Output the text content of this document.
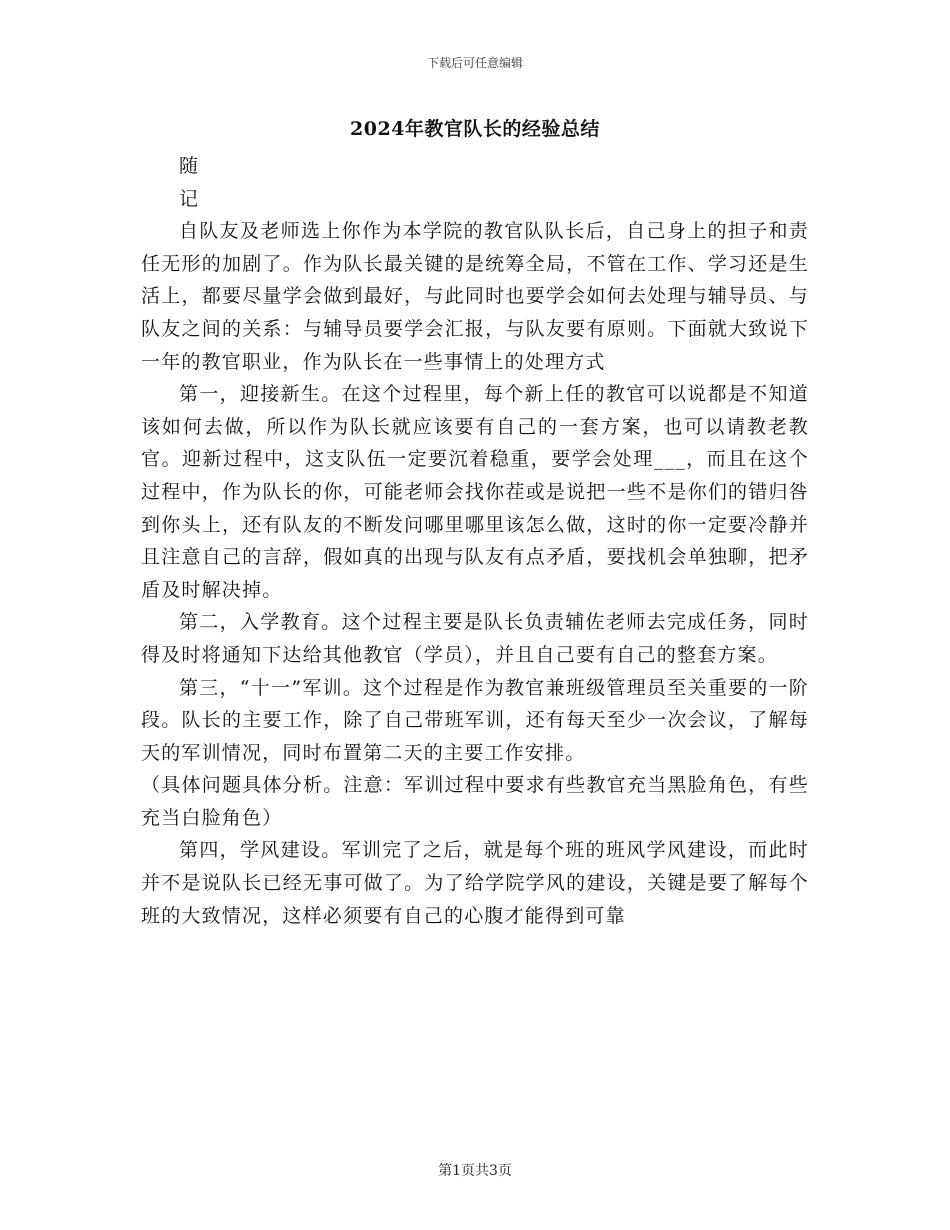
下载后可任意编辑
2024年教官队长的经验总结

随

记

自队友及老师选上你作为本学院的教官队队长后，自己身上的担子和责任无形的加剧了。作为队长最关键的是统筹全局，不管在工作、学习还是生活上，都要尽量学会做到最好，与此同时也要学会如何去处理与辅导员、与队友之间的关系：与辅导员要学会汇报，与队友要有原则。下面就大致说下一年的教官职业，作为队长在一些事情上的处理方式

第一，迎接新生。在这个过程里，每个新上任的教官可以说都是不知道该如何去做，所以作为队长就应该要有自己的一套方案，也可以请教老教官。迎新过程中，这支队伍一定要沉着稳重，要学会处理___，而且在这个过程中，作为队长的你，可能老师会找你茬或是说把一些不是你们的错归咎到你头上，还有队友的不断发问哪里哪里该怎么做，这时的你一定要冷静并且注意自己的言辞，假如真的出现与队友有点矛盾，要找机会单独聊，把矛盾及时解决掉。

第二，入学教育。这个过程主要是队长负责辅佐老师去完成任务，同时得及时将通知下达给其他教官（学员），并且自己要有自己的整套方案。

第三，“十一”军训。这个过程是作为教官兼班级管理员至关重要的一阶段。队长的主要工作，除了自己带班军训，还有每天至少一次会议，了解每天的军训情况，同时布置第二天的主要工作安排。

（具体问题具体分析。注意：军训过程中要求有些教官充当黑脸角色，有些充当白脸角色）

第四，学风建设。军训完了之后，就是每个班的班风学风建设，而此时并不是说队长已经无事可做了。为了给学院学风的建设，关键是要了解每个班的大致情况，这样必须要有自己的心腹才能得到可靠

第1页共3页
